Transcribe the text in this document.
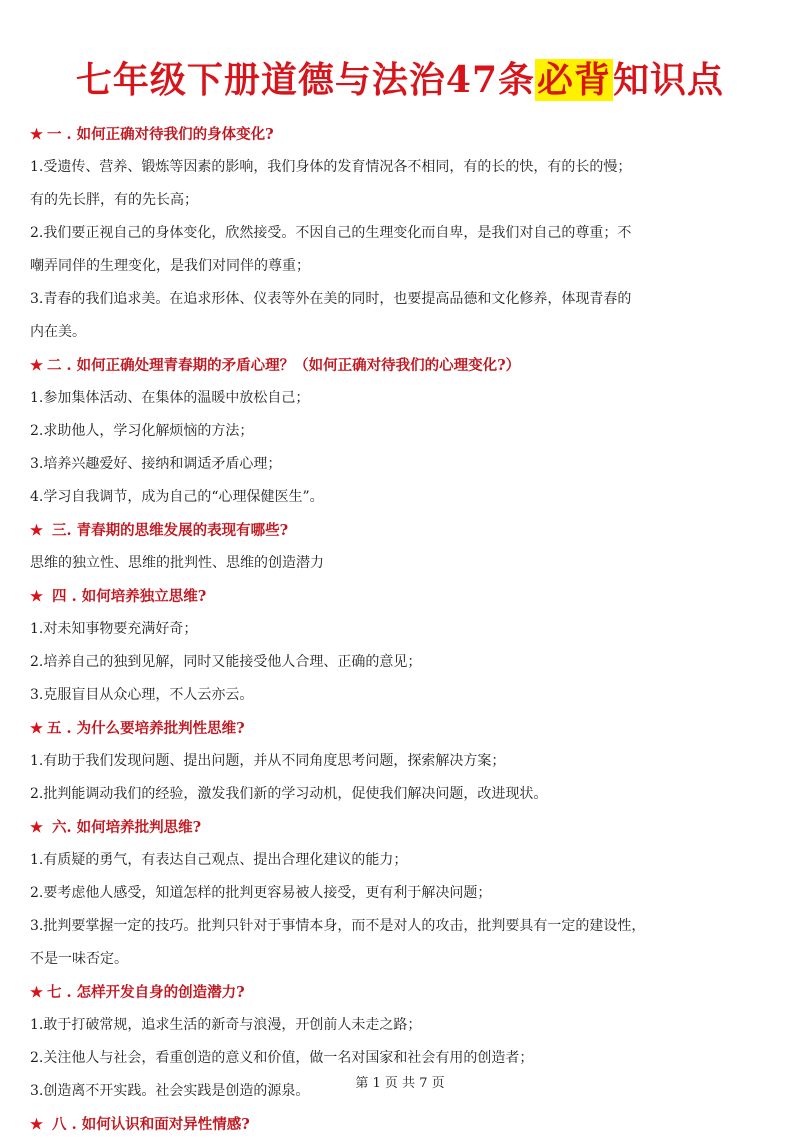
七年级下册道德与法治47条必背知识点
★ 一 . 如何正确对待我们的身体变化?
1.受遗传、营养、锻炼等因素的影响，我们身体的发育情况各不相同，有的长的快，有的长的慢；
有的先长胖，有的先长高；
2.我们要正视自己的身体变化，欣然接受。不因自己的生理变化而自卑，是我们对自己的尊重；不
嘲弄同伴的生理变化，是我们对同伴的尊重；
3.青春的我们追求美。在追求形体、仪表等外在美的同时，也要提高品德和文化修养，体现青春的
内在美。
★ 二 . 如何正确处理青春期的矛盾心理？（如何正确对待我们的心理变化?）
1.参加集体活动、在集体的温暖中放松自己；
2.求助他人，学习化解烦恼的方法；
3.培养兴趣爱好、接纳和调适矛盾心理；
4.学习自我调节，成为自己的“心理保健医生”。
★ 三. 青春期的思维发展的表现有哪些?
思维的独立性、思维的批判性、思维的创造潜力
★ 四 . 如何培养独立思维?
1.对未知事物要充满好奇；
2.培养自己的独到见解，同时又能接受他人合理、正确的意见；
3.克服盲目从众心理，不人云亦云。
★ 五 . 为什么要培养批判性思维?
1.有助于我们发现问题、提出问题，并从不同角度思考问题，探索解决方案；
2.批判能调动我们的经验，激发我们新的学习动机，促使我们解决问题，改进现状。
★ 六. 如何培养批判思维?
1.有质疑的勇气，有表达自己观点、提出合理化建议的能力；
2.要考虑他人感受，知道怎样的批判更容易被人接受，更有利于解决问题；
3.批判要掌握一定的技巧。批判只针对于事情本身，而不是对人的攻击，批判要具有一定的建设性，
不是一味否定。
★ 七 . 怎样开发自身的创造潜力?
1.敢于打破常规，追求生活的新奇与浪漫，开创前人未走之路；
2.关注他人与社会，看重创造的意义和价值，做一名对国家和社会有用的创造者；
3.创造离不开实践。社会实践是创造的源泉。
★ 八 . 如何认识和面对异性情感?
第 1 页 共 7 页
